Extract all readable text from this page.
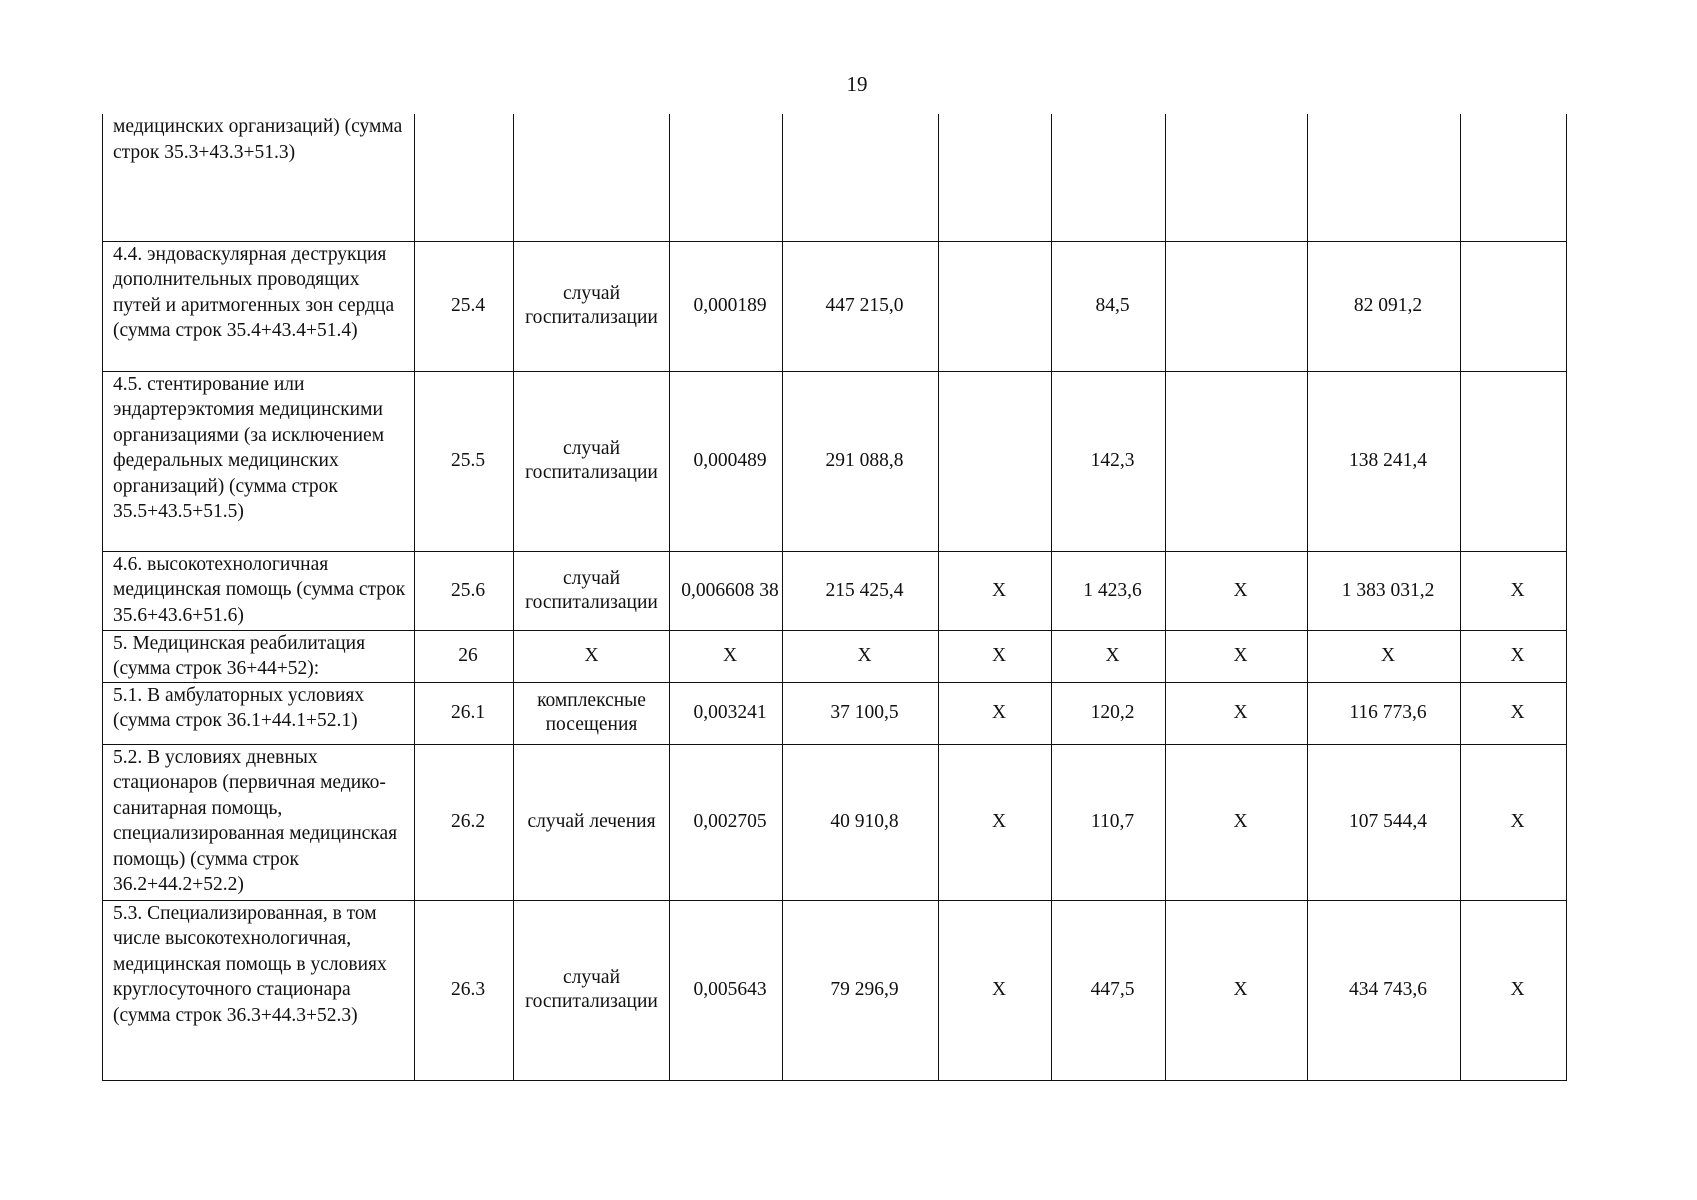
19
медицинских организаций) (сумма строк 35.3+43.3+51.3)									
4.4. эндоваскулярная деструкция дополнительных проводящих путей и аритмогенных зон сердца (сумма строк 35.4+43.4+51.4)	25.4	случай госпитализации	0,000189	447 215,0		84,5		82 091,2	
4.5. стентирование или эндартерэктомия медицинскими организациями (за исключением федеральных медицинских организаций) (сумма строк 35.5+43.5+51.5)	25.5	случай госпитализации	0,000489	291 088,8		142,3		138 241,4	
4.6. высокотехнологичная медицинская помощь (сумма строк 35.6+43.6+51.6)	25.6	случай госпитализации	0,006608 38	215 425,4	X	1 423,6	X	1 383 031,2	X
5. Медицинская реабилитация (сумма строк 36+44+52):	26	X	X	X	X	X	X	X	X
5.1. В амбулаторных условиях (сумма строк 36.1+44.1+52.1)	26.1	комплексные посещения	0,003241	37 100,5	X	120,2	X	116 773,6	X
5.2. В условиях дневных стационаров (первичная медико-санитарная помощь, специализированная медицинская помощь) (сумма строк 36.2+44.2+52.2)	26.2	случай лечения	0,002705	40 910,8	X	110,7	X	107 544,4	X
5.3. Специализированная, в том числе высокотехнологичная, медицинская помощь в условиях круглосуточного стационара (сумма строк 36.3+44.3+52.3)	26.3	случай госпитализации	0,005643	79 296,9	X	447,5	X	434 743,6	X
